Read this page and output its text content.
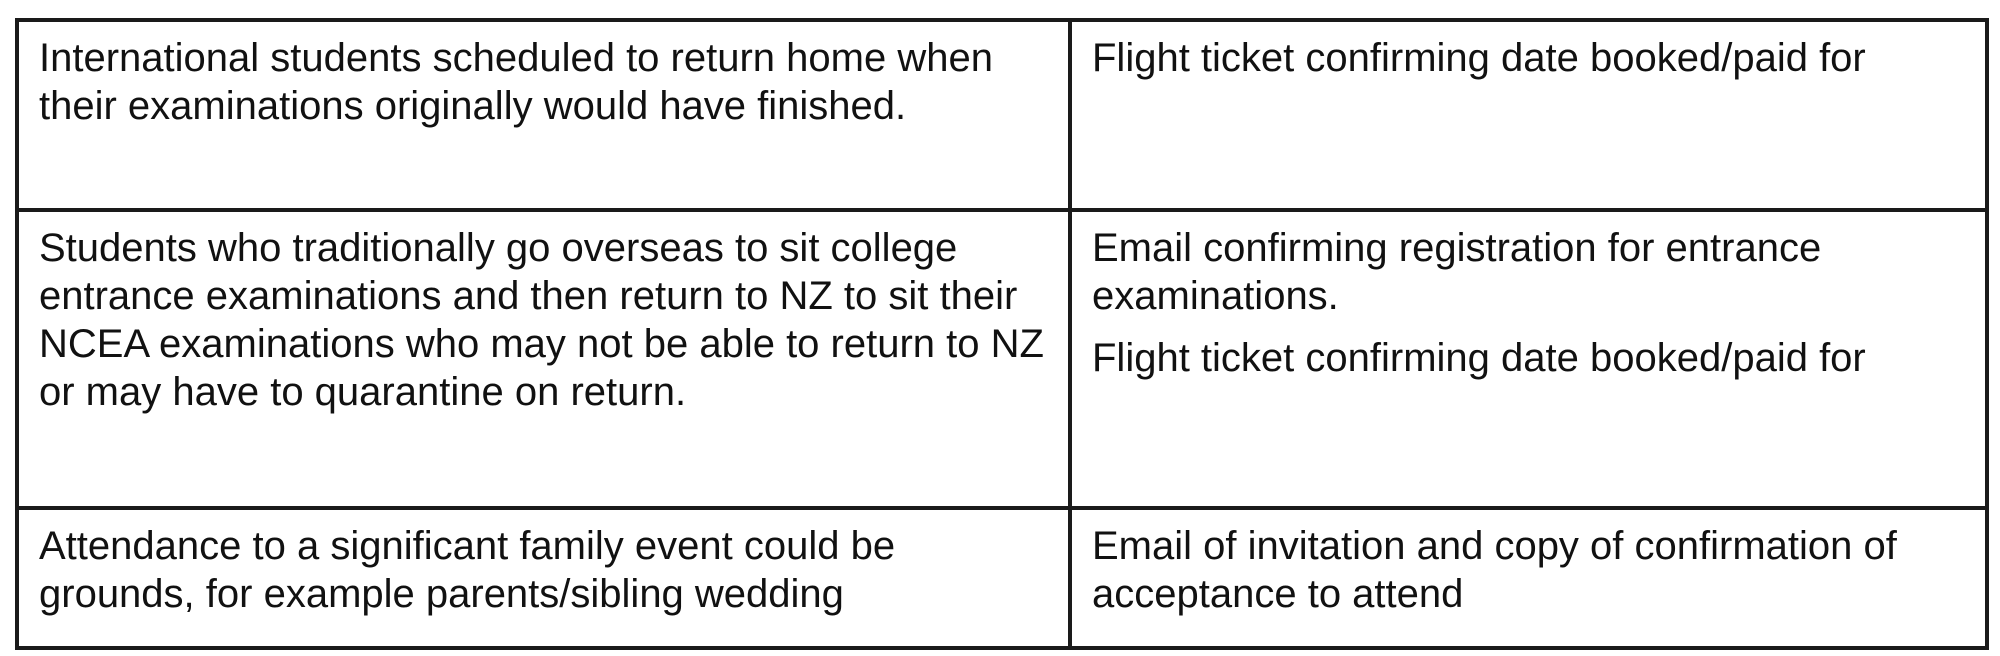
International students scheduled to return home when their examinations originally would have finished.	Flight ticket confirming date booked/paid for

Students who traditionally go overseas to sit college entrance examinations and then return to NZ to sit their NCEA examinations who may not be able to return to NZ or may have to quarantine on return.	Email confirming registration for entrance examinations.
Flight ticket confirming date booked/paid for

Attendance to a significant family event could be grounds, for example parents/sibling wedding	Email of invitation and copy of confirmation of acceptance to attend
